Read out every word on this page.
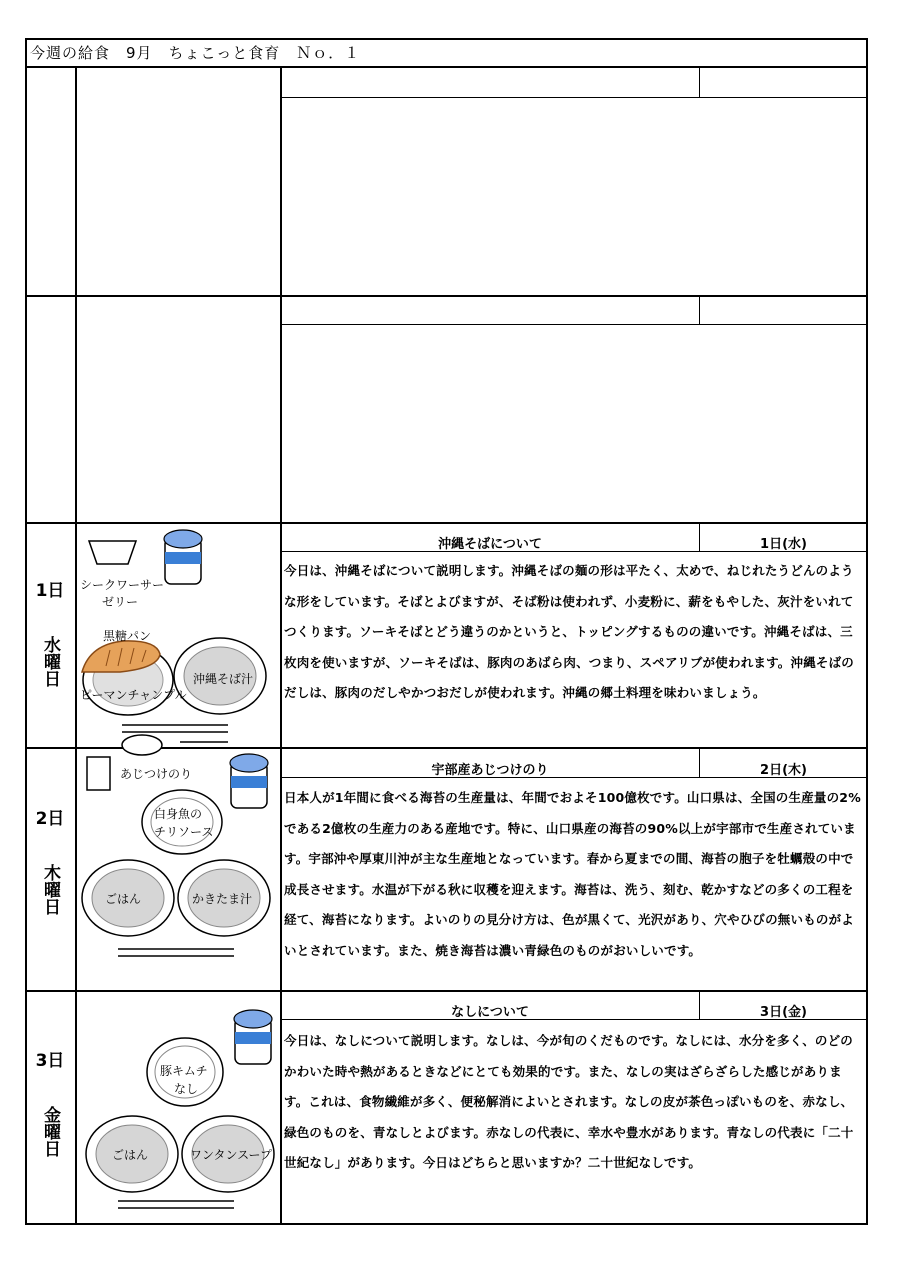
今週の給食　9月　ちょこっと食育　Ｎｏ．１
1日
水曜日
沖縄そばについて	1日(水)
今日は、沖縄そばについて説明します。沖縄そばの麺の形は平たく、太めで、ねじれたうどんのような形をしています。そばとよびますが、そば粉は使われず、小麦粉に、薪をもやした、灰汁をいれてつくります。ソーキそばとどう違うのかというと、トッピングするものの違いです。沖縄そばは、三枚肉を使いますが、ソーキそばは、豚肉のあばら肉、つまり、スペアリブが使われます。沖縄そばのだしは、豚肉のだしやかつおだしが使われます。沖縄の郷土料理を味わいましょう。
シークワーサー
ゼリー
沖縄そば汁
黒糖パン
ピーマンチャンプル
2日
木曜日
宇部産あじつけのり	2日(木)
日本人が1年間に食べる海苔の生産量は、年間でおよそ100億枚です。山口県は、全国の生産量の2%である2億枚の生産力のある産地です。特に、山口県産の海苔の90%以上が宇部市で生産されています。宇部沖や厚東川沖が主な生産地となっています。春から夏までの間、海苔の胞子を牡蠣殻の中で成長させます。水温が下がる秋に収穫を迎えます。海苔は、洗う、刻む、乾かすなどの多くの工程を経て、海苔になります。よいのりの見分け方は、色が黒くて、光沢があり、穴やひびの無いものがよいとされています。また、焼き海苔は濃い青緑色のものがおいしいです。
あじつけのり
白身魚の
チリソース
ごはん	かきたま汁
3日
金曜日
なしについて	3日(金)
今日は、なしについて説明します。なしは、今が旬のくだものです。なしには、水分を多く、のどのかわいた時や熱があるときなどにとても効果的です。また、なしの実はざらざらした感じがあります。これは、食物繊維が多く、便秘解消によいとされます。なしの皮が茶色っぽいものを、赤なし、緑色のものを、青なしとよびます。赤なしの代表に、幸水や豊水があります。青なしの代表に「二十世紀なし」があります。今日はどちらと思いますか？二十世紀なしです。
豚キムチ
なし
ごはん	ワンタンスープ
